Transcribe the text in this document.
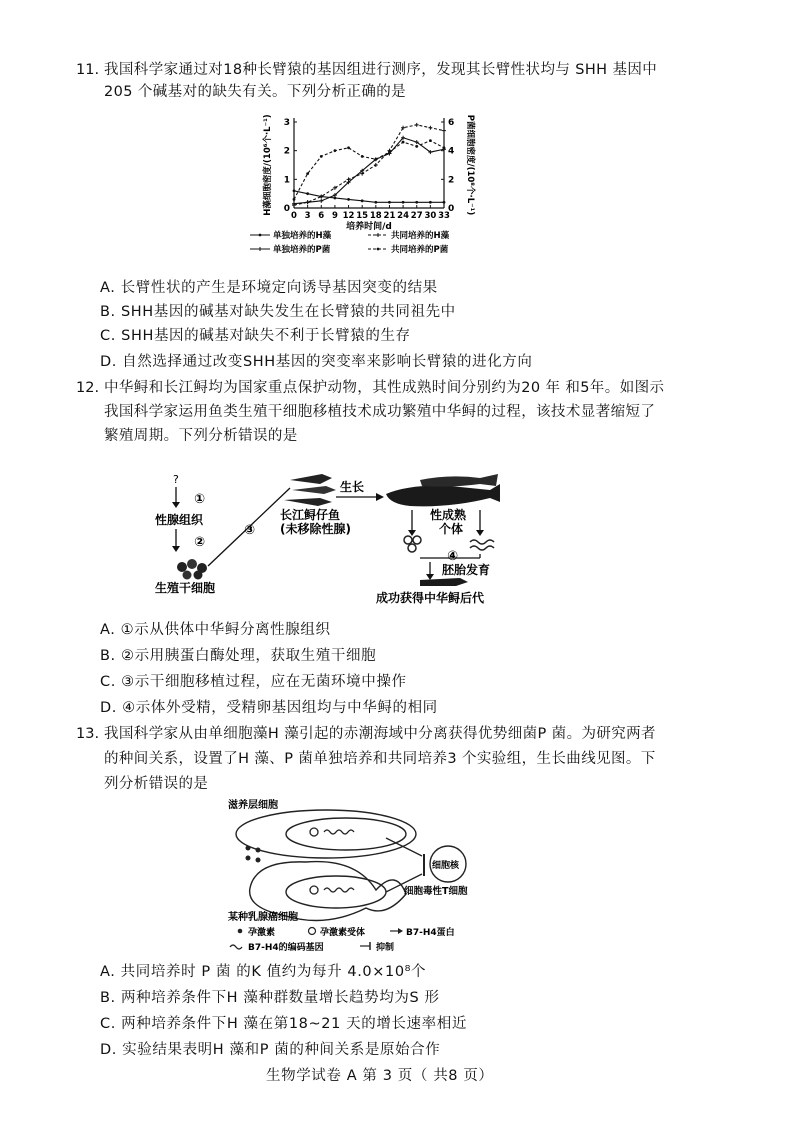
11. 我国科学家通过对18种长臂猿的基因组进行测序，发现其长臂性状均与 SHH 基因中
205 个碱基对的缺失有关。下列分析正确的是
0 3 6 9 12 15 18 21 24 27 30 33
0
1
2
3
0
2
4
6
H藻细胞密度/(10⁶个·L⁻¹)	P菌细胞密度/(10⁸个·L⁻¹)
培养时间/d
单独培养的H藻	共同培养的H藻
单独培养的P菌	共同培养的P菌
A. 长臂性状的产生是环境定向诱导基因突变的结果
B. SHH基因的碱基对缺失发生在长臂猿的共同祖先中
C. SHH基因的碱基对缺失不利于长臂猿的生存
D. 自然选择通过改变SHH基因的突变率来影响长臂猿的进化方向
12. 中华鲟和长江鲟均为国家重点保护动物，其性成熟时间分别约为20 年 和5年。如图示
我国科学家运用鱼类生殖干细胞移植技术成功繁殖中华鲟的过程，该技术显著缩短了
繁殖周期。下列分析错误的是
?
①
性腺组织
②
生殖干细胞
③
长江鲟仔鱼
(未移除性腺)
生长
性成熟
个体
④
胚胎发育
成功获得中华鲟后代
A. ①示从供体中华鲟分离性腺组织
B. ②示用胰蛋白酶处理，获取生殖干细胞
C. ③示干细胞移植过程，应在无菌环境中操作
D. ④示体外受精，受精卵基因组均与中华鲟的相同
13. 我国科学家从由单细胞藻H 藻引起的赤潮海域中分离获得优势细菌P 菌。为研究两者
的种间关系，设置了H 藻、P 菌单独培养和共同培养3 个实验组，生长曲线见图。下
列分析错误的是
滋养层细胞
细胞核
细胞毒性T细胞
某种乳腺癌细胞
孕激素	孕激素受体	B7-H4蛋白
B7-H4的编码基因	抑制
A. 共同培养时 P 菌 的K 值约为每升 4.0×10⁸个
B. 两种培养条件下H 藻种群数量增长趋势均为S 形
C. 两种培养条件下H 藻在第18~21 天的增长速率相近
D. 实验结果表明H 藻和P 菌的种间关系是原始合作
生物学试卷 A 第 3 页（ 共8 页）
